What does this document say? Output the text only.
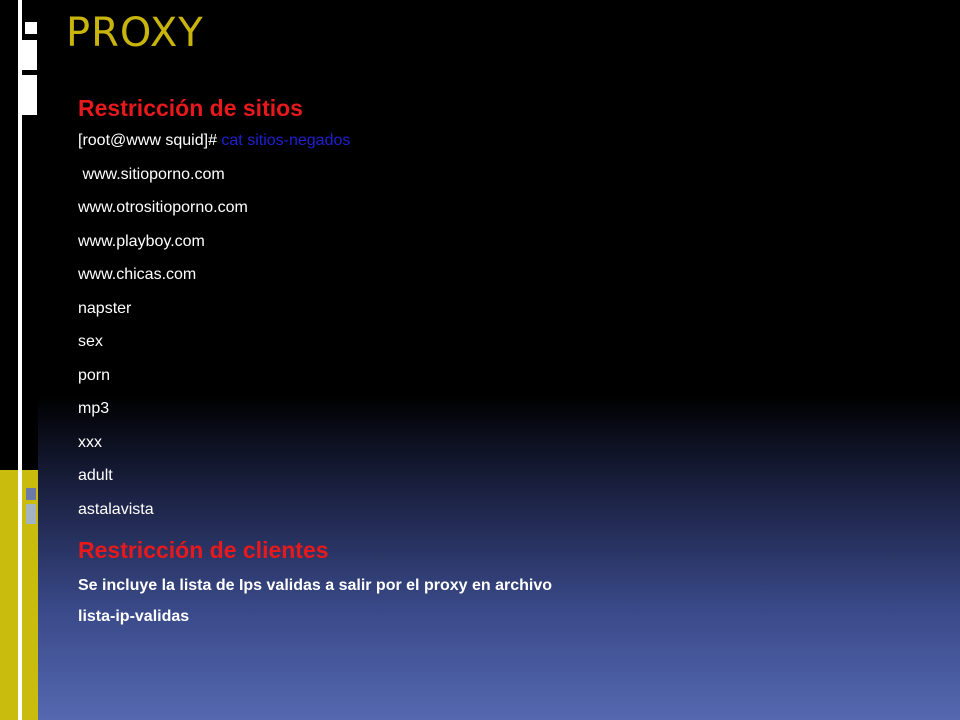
PROXY
Restricción de sitios
[root@www squid]# cat sitios-negados
www.sitioporno.com
www.otrositioporno.com
www.playboy.com
www.chicas.com
napster
sex
porn
mp3
xxx
adult
astalavista
Restricción de clientes
Se incluye la lista de Ips validas a salir por el proxy en archivo
lista-ip-validas
